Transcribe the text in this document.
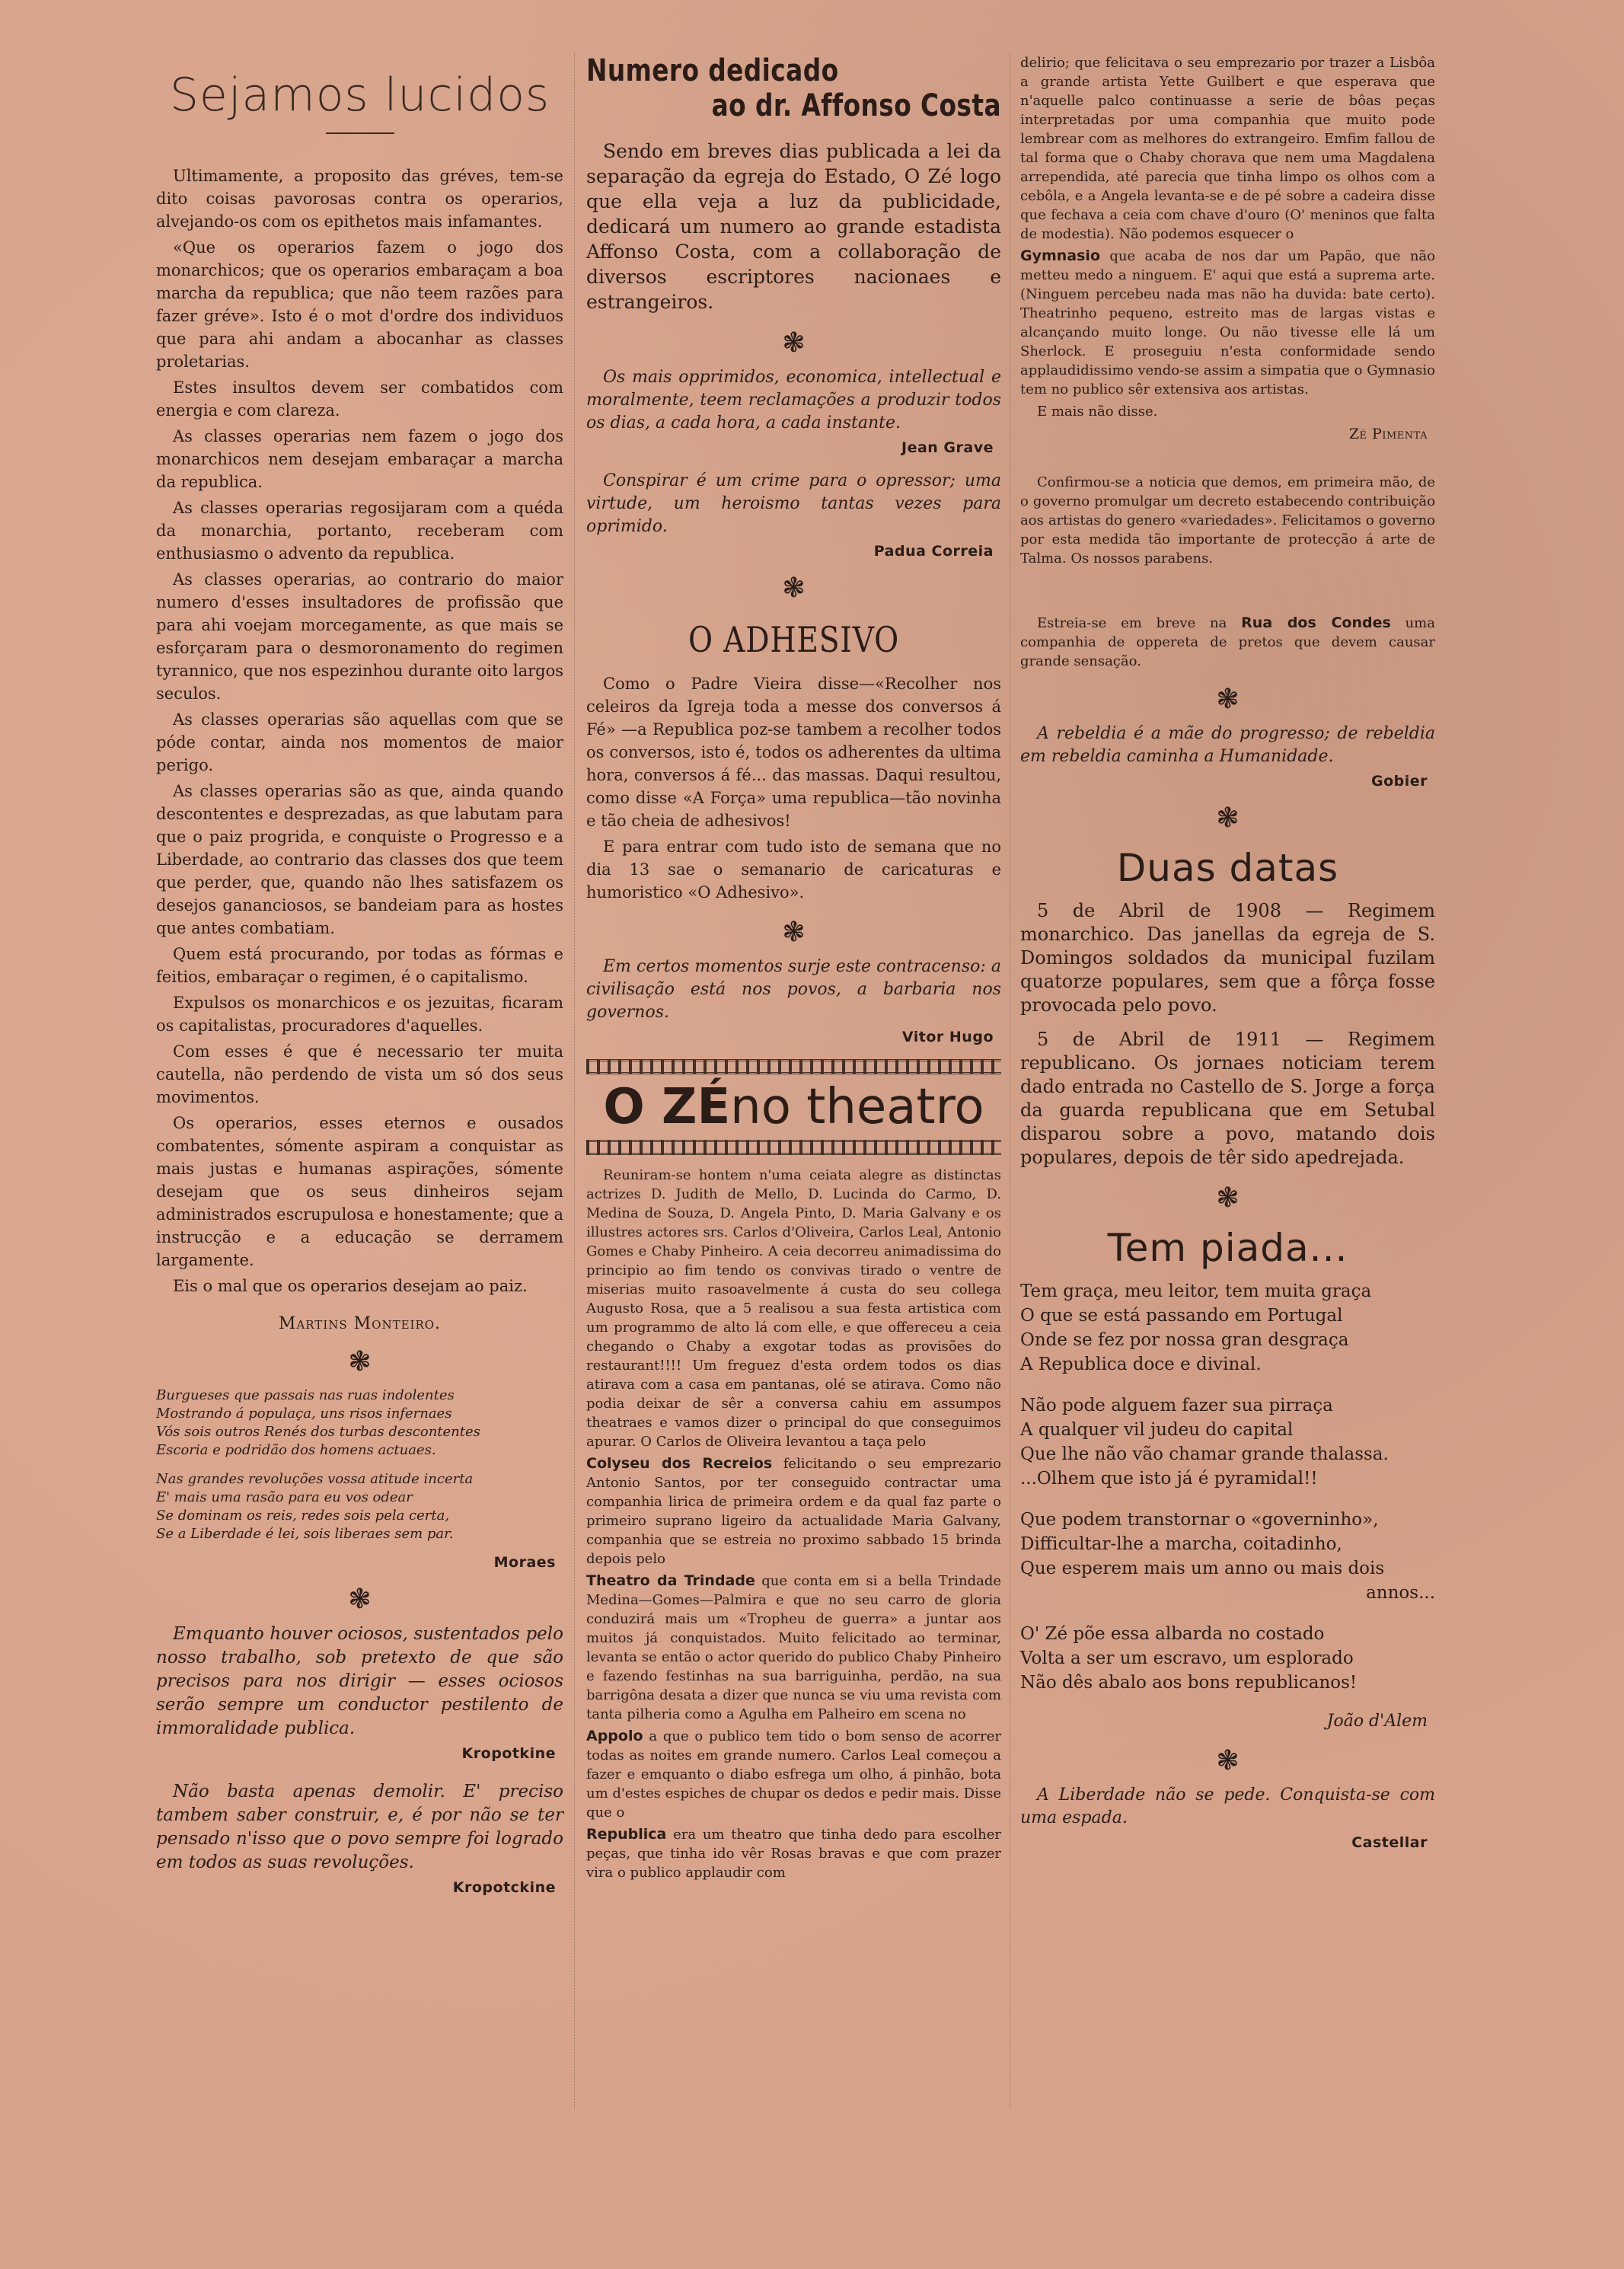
Sejamos lucidos

Ultimamente, a proposito das gréves, tem-se dito coisas pavorosas contra os operarios, alvejando-os com os epithetos mais infamantes.

«Que os operarios fazem o jogo dos monarchicos; que os operarios embaraçam a boa marcha da republica; que não teem razões para fazer gréve». Isto é o mot d'ordre dos individuos que para ahi andam a abocanhar as classes proletarias.

Estes insultos devem ser combatidos com energia e com clareza.

As classes operarias nem fazem o jogo dos monarchicos nem desejam embaraçar a marcha da republica.

As classes operarias regosijaram com a quéda da monarchia, portanto, receberam com enthusiasmo o advento da republica.

As classes operarias, ao contrario do maior numero d'esses insultadores de profissão que para ahi voejam morcegamente, as que mais se esforçaram para o desmoronamento do regimen tyrannico, que nos espezinhou durante oito largos seculos.

As classes operarias são aquellas com que se póde contar, ainda nos momentos de maior perigo.

As classes operarias são as que, ainda quando descontentes e desprezadas, as que labutam para que o paiz progrida, e conquiste o Progresso e a Liberdade, ao contrario das classes dos que teem que perder, que, quando não lhes satisfazem os desejos gananciosos, se bandeiam para as hostes que antes combatiam.

Quem está procurando, por todas as fórmas e feitios, embaraçar o regimen, é o capitalismo.

Expulsos os monarchicos e os jezuitas, ficaram os capitalistas, procuradores d'aquelles.

Com esses é que é necessario ter muita cautella, não perdendo de vista um só dos seus movimentos.

Os operarios, esses eternos e ousados combatentes, sómente aspiram a conquistar as mais justas e humanas aspirações, sómente desejam que os seus dinheiros sejam administrados escrupulosa e honestamente; que a instrucção e a educação se derramem largamente.

Eis o mal que os operarios desejam ao paiz.

Martins Monteiro.
❃

Burgueses que passais nas ruas indolentes

Mostrando á populaça, uns risos infernaes

Vós sois outros Renés dos turbas descontentes

Escoria e podridão dos homens actuaes.

Nas grandes revoluções vossa atitude incerta

E' mais uma rasão para eu vos odear

Se dominam os reis, redes sois pela certa,

Se a Liberdade é lei, sois liberaes sem par.

Moraes
❃

Emquanto houver ociosos, sustentados pelo nosso trabalho, sob pretexto de que são precisos para nos dirigir — esses ociosos serão sempre um conductor pestilento de immoralidade publica.

Kropotkine

Não basta apenas demolir. E' preciso tambem saber construir, e, é por não se ter pensado n'isso que o povo sempre foi logrado em todos as suas revoluções.

Kropotckine
Numero dedicado
ao dr. Affonso Costa

Sendo em breves dias publicada a lei da separação da egreja do Estado, O Zé logo que ella veja a luz da publicidade, dedicará um numero ao grande estadista Affonso Costa, com a collaboração de diversos escriptores nacionaes e estrangeiros.

❃

Os mais opprimidos, economica, intellectual e moralmente, teem reclamações a produzir todos os dias, a cada hora, a cada instante.

Jean Grave

Conspirar é um crime para o opressor; uma virtude, um heroismo tantas vezes para oprimido.

Padua Correia
❃
O ADHESIVO

Como o Padre Vieira disse—«Recolher nos celeiros da Igreja toda a messe dos conversos á Fé» —a Republica poz-se tambem a recolher todos os conversos, isto é, todos os adherentes da ultima hora, conversos á fé... das massas. Daqui resultou, como disse «A Força» uma republica—tão novinha e tão cheia de adhesivos!

E para entrar com tudo isto de semana que no dia 13 sae o semanario de caricaturas e humoristico «O Adhesivo».

❃

Em certos momentos surje este contracenso: a civilisação está nos povos, a barbaria nos governos.

Vitor Hugo
O ZÉno theatro

Reuniram-se hontem n'uma ceiata alegre as distinctas actrizes D. Judith de Mello, D. Lucinda do Carmo, D. Medina de Souza, D. Angela Pinto, D. Maria Galvany e os illustres actores srs. Carlos d'Oliveira, Carlos Leal, Antonio Gomes e Chaby Pinheiro. A ceia decorreu animadissima do principio ao fim tendo os convivas tirado o ventre de miserias muito rasoavelmente á custa do seu collega Augusto Rosa, que a 5 realisou a sua festa artistica com um programmo de alto lá com elle, e que offereceu a ceia chegando o Chaby a exgotar todas as provisões do restaurant!!!! Um freguez d'esta ordem todos os dias atirava com a casa em pantanas, olé se atirava. Como não podia deixar de sêr a conversa cahiu em assumpos theatraes e vamos dizer o principal do que conseguimos apurar. O Carlos de Oliveira levantou a taça pelo

Colyseu dos Recreios felicitando o seu emprezario Antonio Santos, por ter conseguido contractar uma companhia lirica de primeira ordem e da qual faz parte o primeiro suprano ligeiro da actualidade Maria Galvany, companhia que se estreia no proximo sabbado 15 brinda depois pelo

Theatro da Trindade que conta em si a bella Trindade Medina—Gomes—Palmira e que no seu carro de gloria conduzirá mais um «Tropheu de guerra» a juntar aos muitos já conquistados. Muito felicitado ao terminar, levanta se então o actor querido do publico Chaby Pinheiro e fazendo festinhas na sua barriguinha, perdão, na sua barrigôna desata a dizer que nunca se viu uma revista com tanta pilheria como a Agulha em Palheiro em scena no

Appolo a que o publico tem tido o bom senso de acorrer todas as noites em grande numero. Carlos Leal começou a fazer e emquanto o diabo esfrega um olho, á pinhão, bota um d'estes espiches de chupar os dedos e pedir mais. Disse que o

Republica era um theatro que tinha dedo para escolher peças, que tinha ido vêr Rosas bravas e que com prazer vira o publico applaudir com

delirio; que felicitava o seu emprezario por trazer a Lisbôa a grande artista Yette Guilbert e que esperava que n'aquelle palco continuasse a serie de bôas peças interpretadas por uma companhia que muito pode lembrear com as melhores do extrangeiro. Emfim fallou de tal forma que o Chaby chorava que nem uma Magdalena arrependida, até parecia que tinha limpo os olhos com a cebôla, e a Angela levanta-se e de pé sobre a cadeira disse que fechava a ceia com chave d'ouro (O' meninos que falta de modestia). Não podemos esquecer o

Gymnasio que acaba de nos dar um Papão, que não metteu medo a ninguem. E' aqui que está a suprema arte. (Ninguem percebeu nada mas não ha duvida: bate certo). Theatrinho pequeno, estreito mas de largas vistas e alcançando muito longe. Ou não tivesse elle lá um Sherlock. E proseguiu n'esta conformidade sendo applaudidissimo vendo-se assim a simpatia que o Gymnasio tem no publico sêr extensiva aos artistas.

E mais não disse.

Zé Pimenta

Confirmou-se a noticia que demos, em primeira mão, de o governo promulgar um decreto estabecendo contribuição aos artistas do genero «variedades». Felicitamos o governo por esta medida tão importante de protecção á arte de Talma. Os nossos parabens.

Estreia-se em breve na Rua dos Condes uma companhia de oppereta de pretos que devem causar grande sensação.

❃

A rebeldia é a mãe do progresso; de rebeldia em rebeldia caminha a Humanidade.

Gobier
❃
Duas datas

5 de Abril de 1908 — Regimem monarchico. Das janellas da egreja de S. Domingos soldados da municipal fuzilam quatorze populares, sem que a fôrça fosse provocada pelo povo.

5 de Abril de 1911 — Regimem republicano. Os jornaes noticiam terem dado entrada no Castello de S. Jorge a força da guarda republicana que em Setubal disparou sobre a povo, matando dois populares, depois de têr sido apedrejada.

❃
Tem piada...

Tem graça, meu leitor, tem muita graça

O que se está passando em Portugal

Onde se fez por nossa gran desgraça

A Republica doce e divinal.

Não pode alguem fazer sua pirraça

A qualquer vil judeu do capital

Que lhe não vão chamar grande thalassa.

...Olhem que isto já é pyramidal!!

Que podem transtornar o «governinho»,

Difficultar-lhe a marcha, coitadinho,

Que esperem mais um anno ou mais dois

annos...

O' Zé põe essa albarda no costado

Volta a ser um escravo, um esplorado

Não dês abalo aos bons republicanos!

João d'Alem
❃

A Liberdade não se pede. Conquista-se com uma espada.

Castellar
